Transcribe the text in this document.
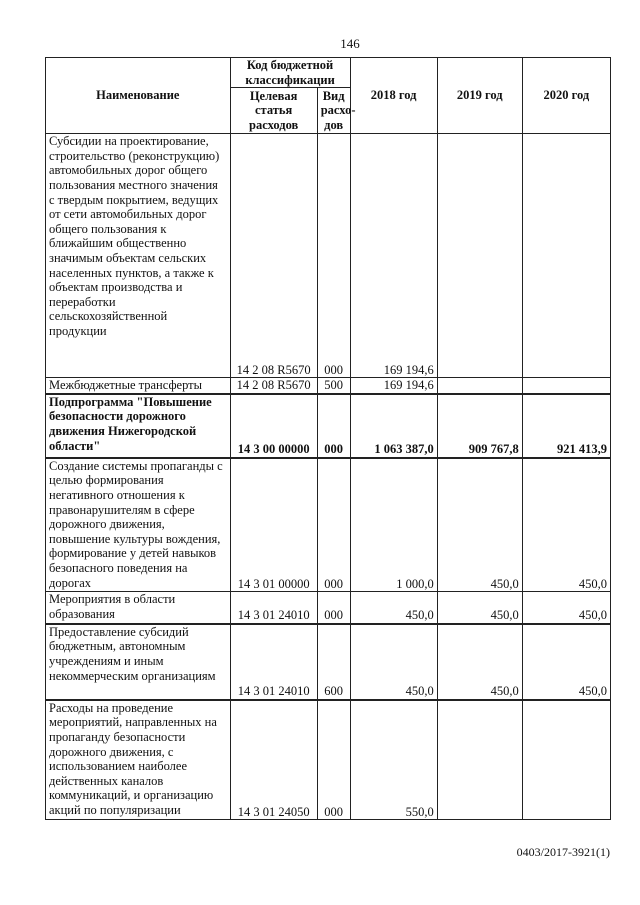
146
Наименование	Код бюджетной классификации		2018 год	2019 год	2020 год
	Целевая статья расходов	Вид расхо-дов			
Субсидии на проектирование, строительство (реконструкцию) автомобильных дорог общего пользования местного значения с твердым покрытием, ведущих от сети автомобильных дорог общего пользования к ближайшим общественно значимым объектам сельских населенных пунктов, а также к объектам производства и переработки сельскохозяйственной продукции	14 2 08 R5670	000	169 194,6		
Межбюджетные трансферты	14 2 08 R5670	500	169 194,6		
Подпрограмма "Повышение безопасности дорожного движения Нижегородской области"	14 3 00 00000	000	1 063 387,0	909 767,8	921 413,9
Создание системы пропаганды с целью формирования негативного отношения к правонарушителям в сфере дорожного движения, повышение культуры вождения, формирование у детей навыков безопасного поведения на дорогах	14 3 01 00000	000	1 000,0	450,0	450,0
Мероприятия в области образования	14 3 01 24010	000	450,0	450,0	450,0
Предоставление субсидий бюджетным, автономным учреждениям и иным некоммерческим организациям	14 3 01 24010	600	450,0	450,0	450,0
Расходы на проведение мероприятий, направленных на пропаганду безопасности дорожного движения, с использованием наиболее действенных каналов коммуникаций, и организацию акций по популяризации	14 3 01 24050	000	550,0		
0403/2017-3921(1)
